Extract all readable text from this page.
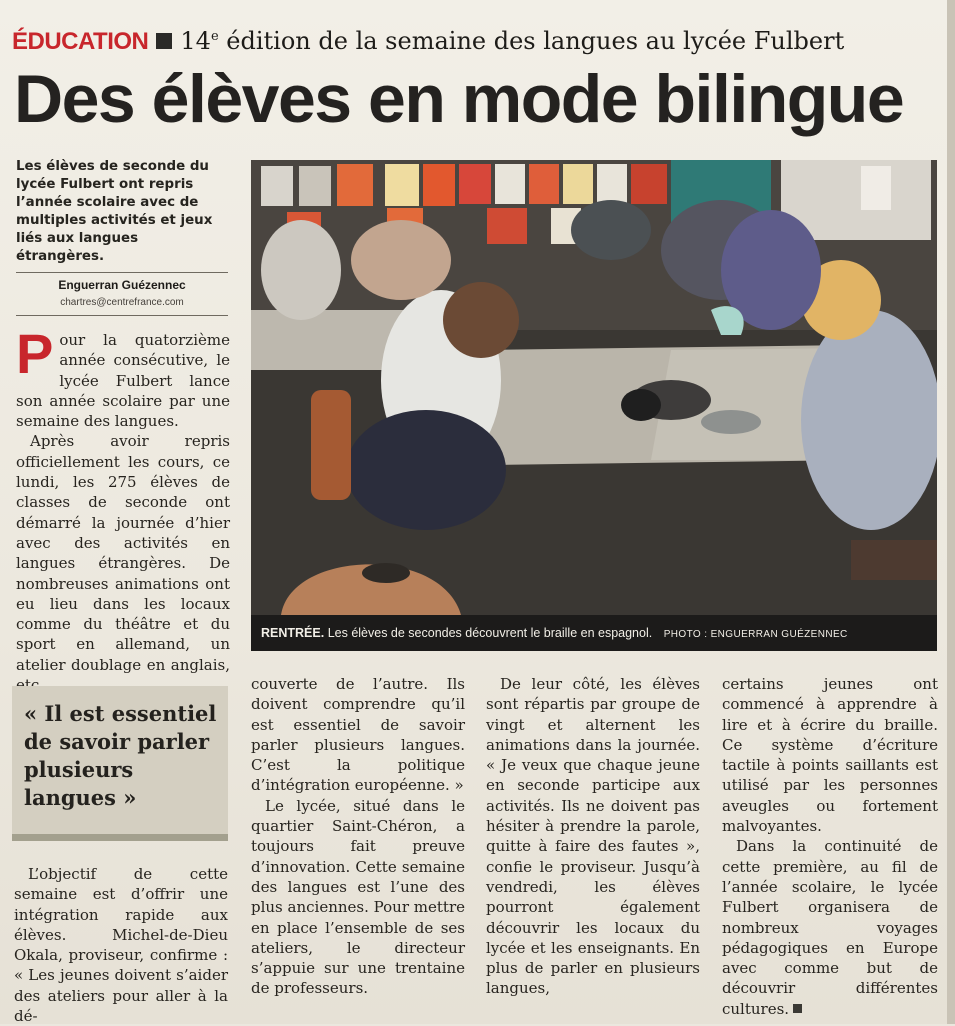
ÉDUCATION 14e édition de la semaine des langues au lycée Fulbert
Des élèves en mode bilingue
Les élèves de seconde du lycée Fulbert ont repris l’année scolaire avec de multiples activités et jeux liés aux langues étrangères.
Enguerran Guézennec
chartres@centrefrance.com

Pour la quatorzième année consécutive, le lycée Fulbert lance son année scolaire par une semaine des langues.

Après avoir repris officiellement les cours, ce lundi, les 275 élèves de classes de seconde ont démarré la journée d’hier avec des activités en langues étrangères. De nombreuses animations ont eu lieu dans les locaux comme du théâtre et du sport en allemand, un atelier doublage en anglais,

« Il est essentiel de savoir parler plusieurs langues »

L’objectif de cette semaine est d’offrir une intégration rapide aux élèves. Michel-de-Dieu Okala, proviseur, confirme : « Les jeunes doivent s’aider des ateliers pour aller à la dé-

RENTRÉE. Les élèves de secondes découvrent le braille en espagnol. PHOTO : ENGUERRAN GUÉZENNEC

couverte de l’autre. Ils doivent comprendre qu’il est essentiel de savoir parler plusieurs langues. C’est la politique d’intégration européenne. »

Le lycée, situé dans le quartier Saint-Chéron, a toujours fait preuve d’innovation. Cette semaine des langues est l’une des plus anciennes. Pour mettre en place l’ensemble de ses ateliers, le directeur s’appuie sur une trentaine de professeurs.

De leur côté, les élèves sont répartis par groupe de vingt et alternent les animations dans la journée. « Je veux que chaque jeune en seconde participe aux activités. Ils ne doivent pas hésiter à prendre la parole, quitte à faire des fautes », confie le proviseur. Jusqu’à vendredi, les élèves pourront également découvrir les locaux du lycée et les enseignants. En plus de parler en plusieurs langues,

certains jeunes ont commencé à apprendre à lire et à écrire du braille. Ce système d’écriture tactile à points saillants est utilisé par les personnes aveugles ou fortement malvoyantes.

Dans la continuité de cette première, au fil de l’année scolaire, le lycée Fulbert organisera de nombreux voyages pédagogiques en Europe avec comme but de découvrir différentes cultures.
